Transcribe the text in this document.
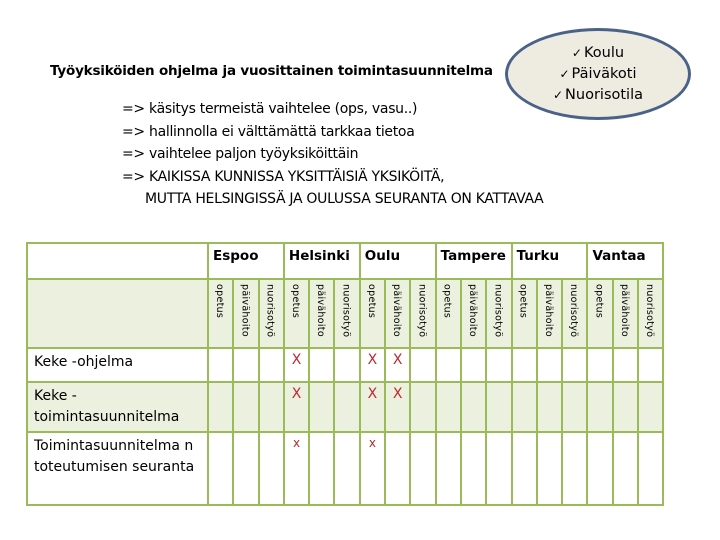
Työyksiköiden ohjelma ja vuosittainen toimintasuunnitelma
✓ Koulu
✓ Päiväkoti
✓ Nuorisotila
=> käsitys termeistä vaihtelee (ops, vasu..)
=> hallinnolla ei välttämättä tarkkaa tietoa
=> vaihtelee paljon työyksiköittäin
=> KAIKISSA KUNNISSA YKSITTÄISIÄ YKSIKÖITÄ,
MUTTA HELSINGISSÄ JA OULUSSA SEURANTA ON KATTAVAA
	Espoo			Helsinki			Oulu			Tampere			Turku			Vantaa		

	opetus	päivähoito	nuorisotyö	opetus	päivähoito	nuorisotyö	opetus	päivähoito	nuorisotyö	opetus	päivähoito	nuorisotyö	opetus	päivähoito	nuorisotyö	opetus	päivähoito	nuorisotyö

Keke -ohjelma				X			X	X										
Keke - toimintasuunnitelma				X			X	X										
Toimintasuunnitelma n toteutumisen seuranta				x			x											
